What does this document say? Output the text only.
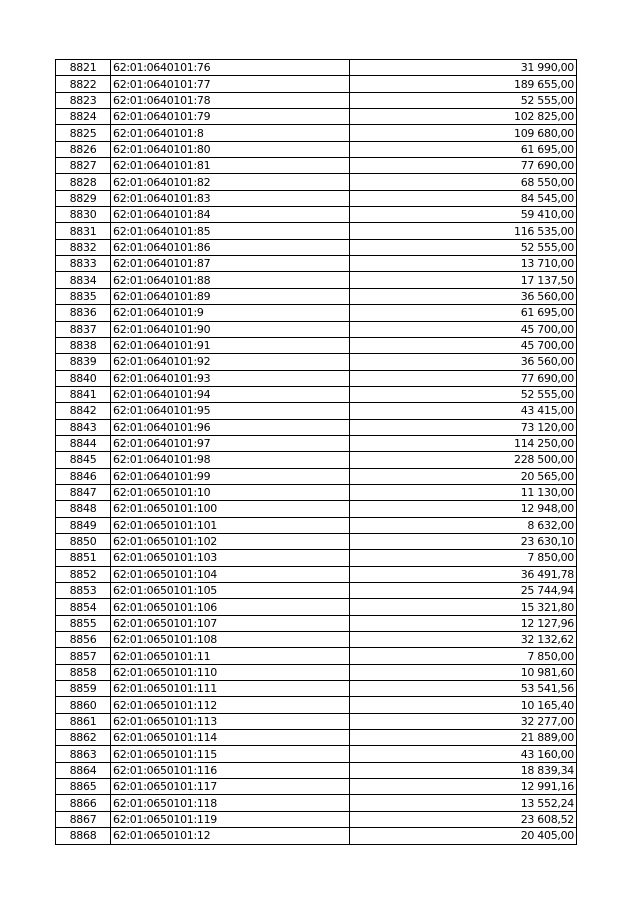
8821	62:01:0640101:76	31 990,00
8822	62:01:0640101:77	189 655,00
8823	62:01:0640101:78	52 555,00
8824	62:01:0640101:79	102 825,00
8825	62:01:0640101:8	109 680,00
8826	62:01:0640101:80	61 695,00
8827	62:01:0640101:81	77 690,00
8828	62:01:0640101:82	68 550,00
8829	62:01:0640101:83	84 545,00
8830	62:01:0640101:84	59 410,00
8831	62:01:0640101:85	116 535,00
8832	62:01:0640101:86	52 555,00
8833	62:01:0640101:87	13 710,00
8834	62:01:0640101:88	17 137,50
8835	62:01:0640101:89	36 560,00
8836	62:01:0640101:9	61 695,00
8837	62:01:0640101:90	45 700,00
8838	62:01:0640101:91	45 700,00
8839	62:01:0640101:92	36 560,00
8840	62:01:0640101:93	77 690,00
8841	62:01:0640101:94	52 555,00
8842	62:01:0640101:95	43 415,00
8843	62:01:0640101:96	73 120,00
8844	62:01:0640101:97	114 250,00
8845	62:01:0640101:98	228 500,00
8846	62:01:0640101:99	20 565,00
8847	62:01:0650101:10	11 130,00
8848	62:01:0650101:100	12 948,00
8849	62:01:0650101:101	8 632,00
8850	62:01:0650101:102	23 630,10
8851	62:01:0650101:103	7 850,00
8852	62:01:0650101:104	36 491,78
8853	62:01:0650101:105	25 744,94
8854	62:01:0650101:106	15 321,80
8855	62:01:0650101:107	12 127,96
8856	62:01:0650101:108	32 132,62
8857	62:01:0650101:11	7 850,00
8858	62:01:0650101:110	10 981,60
8859	62:01:0650101:111	53 541,56
8860	62:01:0650101:112	10 165,40
8861	62:01:0650101:113	32 277,00
8862	62:01:0650101:114	21 889,00
8863	62:01:0650101:115	43 160,00
8864	62:01:0650101:116	18 839,34
8865	62:01:0650101:117	12 991,16
8866	62:01:0650101:118	13 552,24
8867	62:01:0650101:119	23 608,52
8868	62:01:0650101:12	20 405,00
